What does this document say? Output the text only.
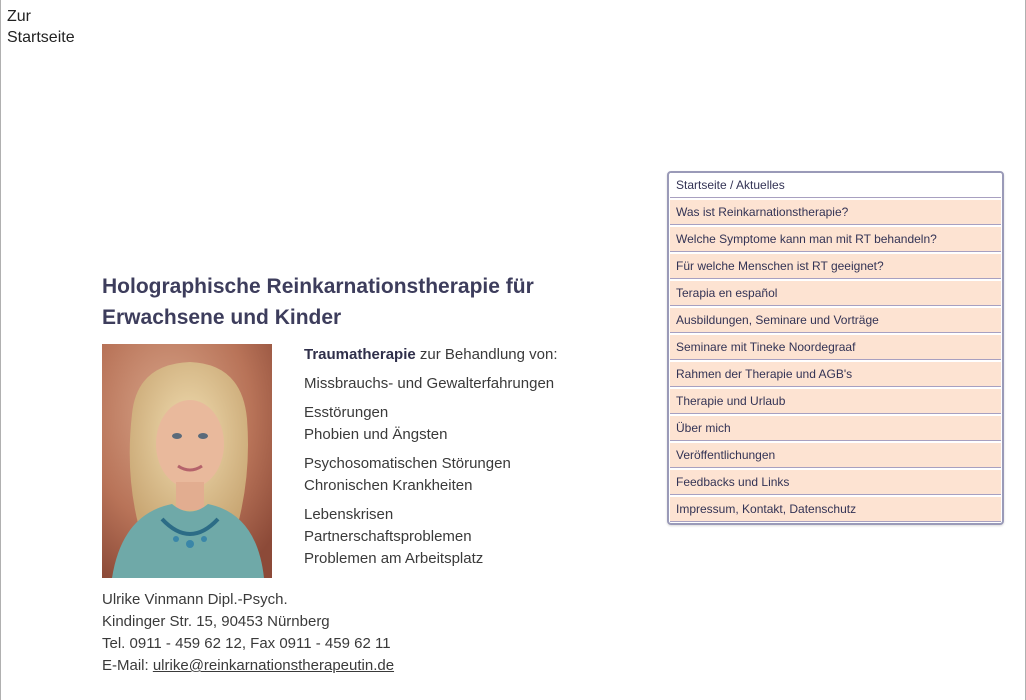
Zur Startseite
Holographische Reinkarnationstherapie für Erwachsene und Kinder
Traumatherapie zur Behandlung von:
Missbrauchs- und Gewalterfahrungen
Esstörungen
Phobien und Ängsten
Psychosomatischen Störungen
Chronischen Krankheiten
Lebenskrisen
Partnerschaftsproblemen
Problemen am Arbeitsplatz
Ulrike Vinmann Dipl.-Psych.
Kindinger Str. 15, 90453 Nürnberg
Tel. 0911 - 459 62 12, Fax 0911 - 459 62 11
E-Mail: ulrike@reinkarnationstherapeutin.de
Startseite / Aktuelles
Was ist Reinkarnationstherapie?
Welche Symptome kann man mit RT behandeln?
Für welche Menschen ist RT geeignet?
Terapia en español
Ausbildungen, Seminare und Vorträge
Seminare mit Tineke Noordegraaf
Rahmen der Therapie und AGB's
Therapie und Urlaub
Über mich
Veröffentlichungen
Feedbacks und Links
Impressum, Kontakt, Datenschutz
